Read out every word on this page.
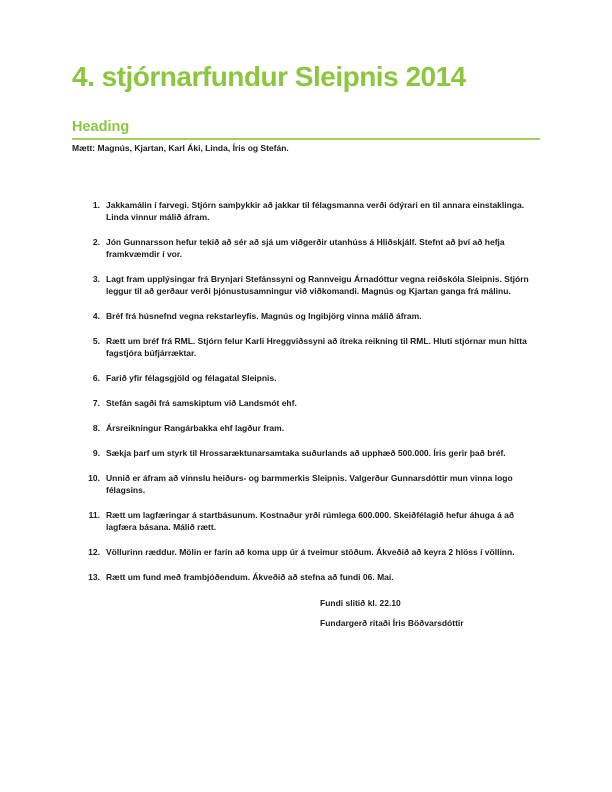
4. stjórnarfundur Sleipnis 2014
Heading

Mætt: Magnús, Kjartan, Karl Áki, Linda, Íris og Stefán.

1. Jakkamálin í farvegi. Stjórn samþykkir að jakkar til félagsmanna verði ódýrari en til annara einstaklinga. Linda vinnur málið áfram.
2. Jón Gunnarsson hefur tekið að sér að sjá um viðgerðir utanhúss á Hliðskjálf. Stefnt að því að hefja framkvæmdir í vor.
3. Lagt fram upplýsingar frá Brynjari Stefánssyni og Rannveigu Árnadóttur vegna reiðskóla Sleipnis. Stjórn leggur til að gerðaur verði þjónustusamningur við viðkomandi. Magnús og Kjartan ganga frá málinu.
4. Bréf frá húsnefnd vegna rekstarleyfis. Magnús og Ingibjörg vinna málið áfram.
5. Rætt um bréf frá RML. Stjórn felur Karli Hreggviðssyni að ítreka reikning til RML. Hluti stjórnar mun hitta fagstjóra búfjárræktar.
6. Farið yfir félagsgjöld og félagatal Sleipnis.
7. Stefán sagði frá samskiptum við Landsmót ehf.
8. Ársreikningur Rangárbakka ehf lagður fram.
9. Sækja þarf um styrk til Hrossaræktunarsamtaka suðurlands að upphæð 500.000. Íris gerir það bréf.
10. Unnið er áfram að vinnslu heiðurs- og barmmerkis Sleipnis. Valgerður Gunnarsdóttir mun vinna logo félagsins.
11. Rætt um lagfæringar á startbásunum. Kostnaður yrði rúmlega 600.000. Skeiðfélagið hefur áhuga á að lagfæra básana. Málið rætt.
12. Völlurinn ræddur. Mölin er farin að koma upp úr á tveimur stöðum. Ákveðið að keyra 2 hlöss í völlinn.
13. Rætt um fund með frambjóðendum. Ákveðið að stefna að fundi 06. Maí.
Fundi slitið kl. 22.10
Fundargerð ritaði Íris Böðvarsdóttir
